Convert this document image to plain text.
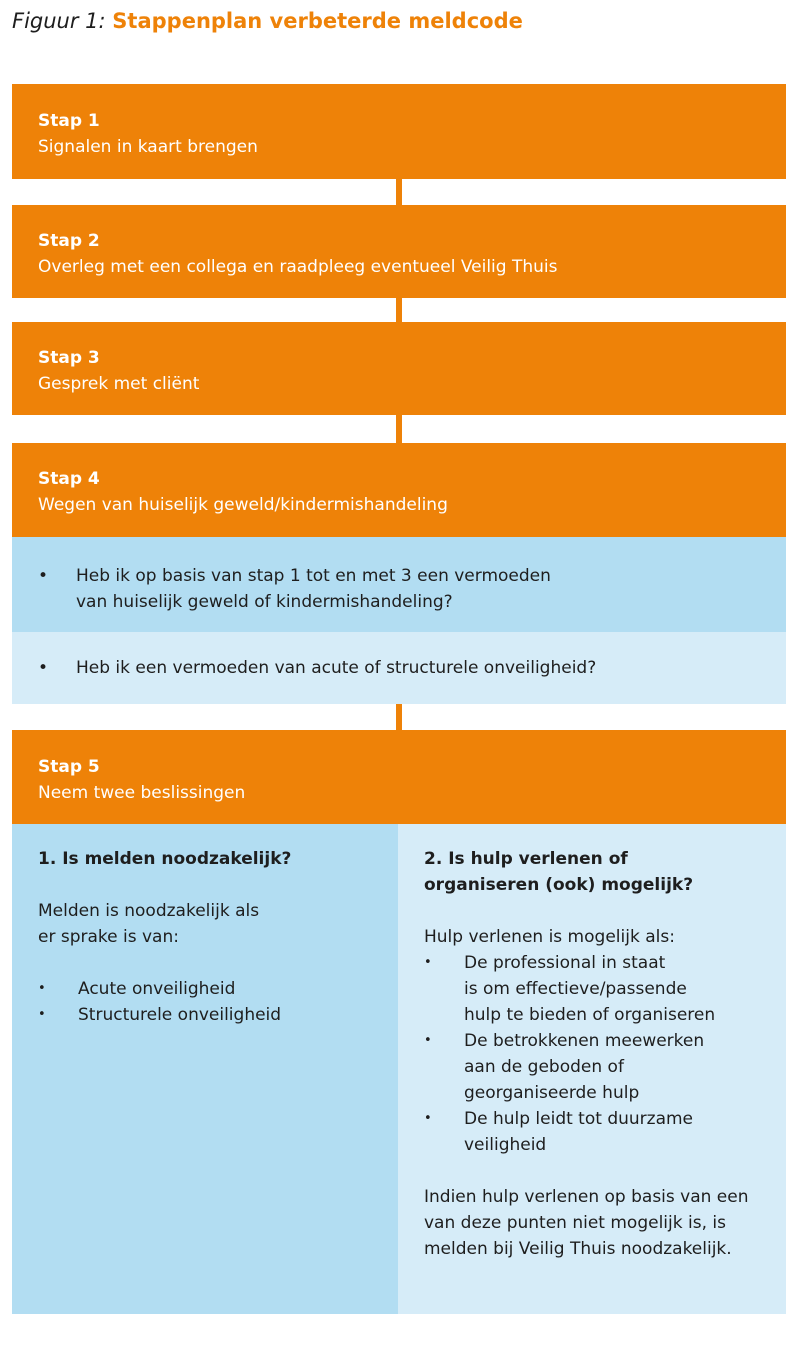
Figuur 1: Stappenplan verbeterde meldcode
Stap 1
Signalen in kaart brengen
Stap 2
Overleg met een collega en raadpleeg eventueel Veilig Thuis
Stap 3
Gesprek met cliënt
Stap 4
Wegen van huiselijk geweld/kindermishandeling
•	Heb ik op basis van stap 1 tot en met 3 een vermoeden
van huiselijk geweld of kindermishandeling?
•	Heb ik een vermoeden van acute of structurele onveiligheid?
Stap 5
Neem twee beslissingen
1. Is melden noodzakelijk?
Melden is noodzakelijk als
er sprake is van:
• Acute onveiligheid
• Structurele onveiligheid
2. Is hulp verlenen of
organiseren (ook) mogelijk?
Hulp verlenen is mogelijk als:
• De professional in staat
is om effectieve/passende
hulp te bieden of organiseren
• De betrokkenen meewerken
aan de geboden of
georganiseerde hulp
• De hulp leidt tot duurzame
veiligheid
Indien hulp verlenen op basis van een
van deze punten niet mogelijk is, is
melden bij Veilig Thuis noodzakelijk.
